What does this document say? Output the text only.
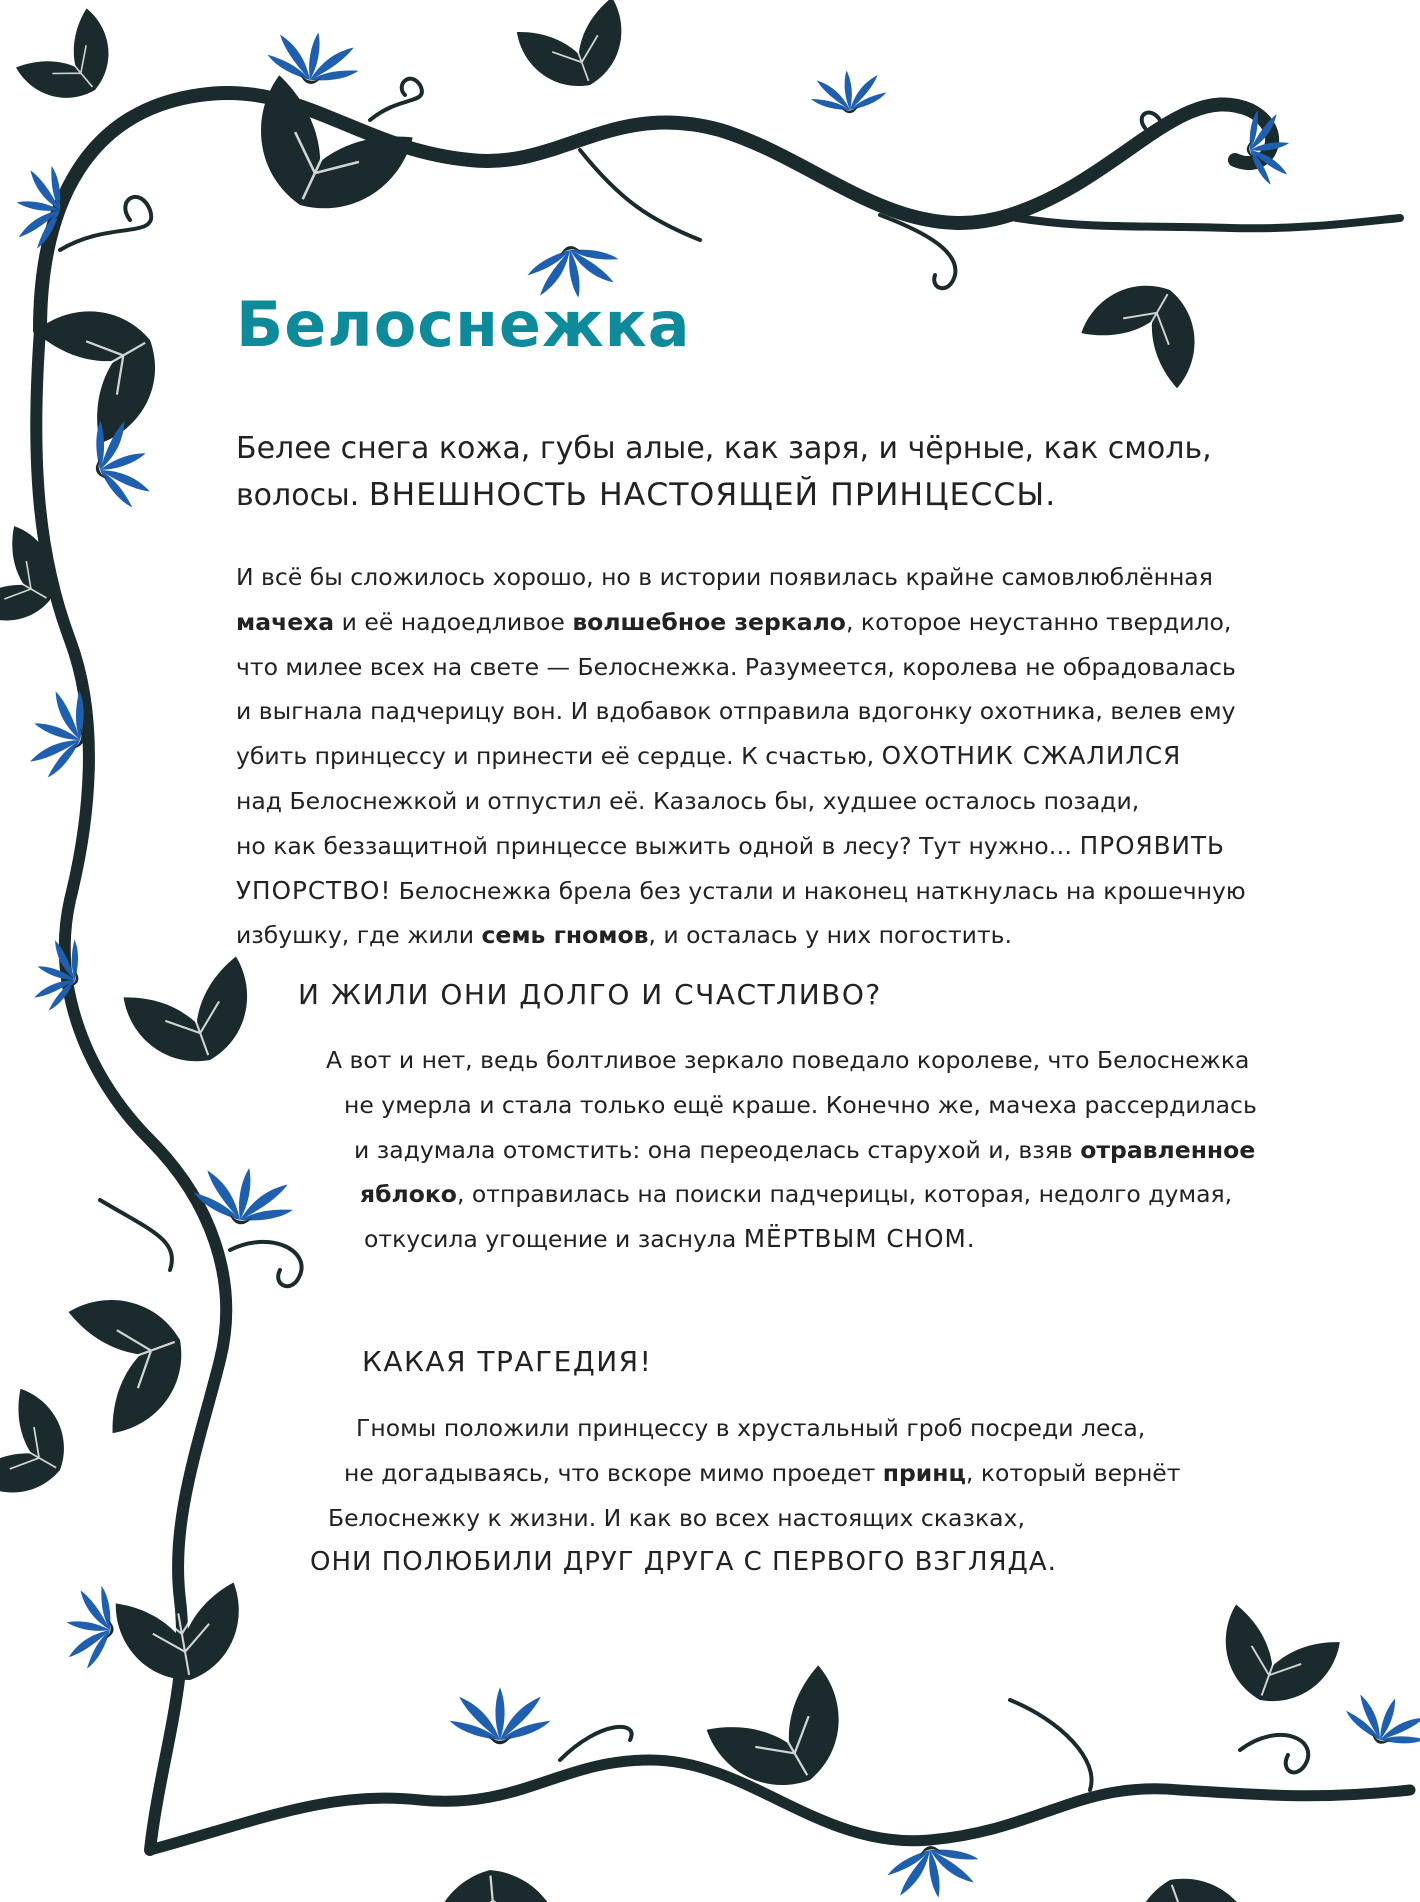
Белоснежка
Белее снега кожа, губы алые, как заря, и чёрные, как смоль,
волосы. ВНЕШНОСТЬ НАСТОЯЩЕЙ ПРИНЦЕССЫ.
И всё бы сложилось хорошо, но в истории появилась крайне самовлюблённая
мачеха и её надоедливое волшебное зеркало, которое неустанно твердило,
что милее всех на свете — Белоснежка. Разумеется, королева не обрадовалась
и выгнала падчерицу вон. И вдобавок отправила вдогонку охотника, велев ему
убить принцессу и принести её сердце. К счастью, ОХОТНИК СЖАЛИЛСЯ
над Белоснежкой и отпустил её. Казалось бы, худшее осталось позади,
но как беззащитной принцессе выжить одной в лесу? Тут нужно… ПРОЯВИТЬ
УПОРСТВО! Белоснежка брела без устали и наконец наткнулась на крошечную
избушку, где жили семь гномов, и осталась у них погостить.
И ЖИЛИ ОНИ ДОЛГО И СЧАСТЛИВО?
А вот и нет, ведь болтливое зеркало поведало королеве, что Белоснежка
не умерла и стала только ещё краше. Конечно же, мачеха рассердилась
и задумала отомстить: она переоделась старухой и, взяв отравленное
яблоко, отправилась на поиски падчерицы, которая, недолго думая,
откусила угощение и заснула МЁРТВЫМ СНОМ.
КАКАЯ ТРАГЕДИЯ!
Гномы положили принцессу в хрустальный гроб посреди леса,
не догадываясь, что вскоре мимо проедет принц, который вернёт
Белоснежку к жизни. И как во всех настоящих сказках,
ОНИ ПОЛЮБИЛИ ДРУГ ДРУГА С ПЕРВОГО ВЗГЛЯДА.
